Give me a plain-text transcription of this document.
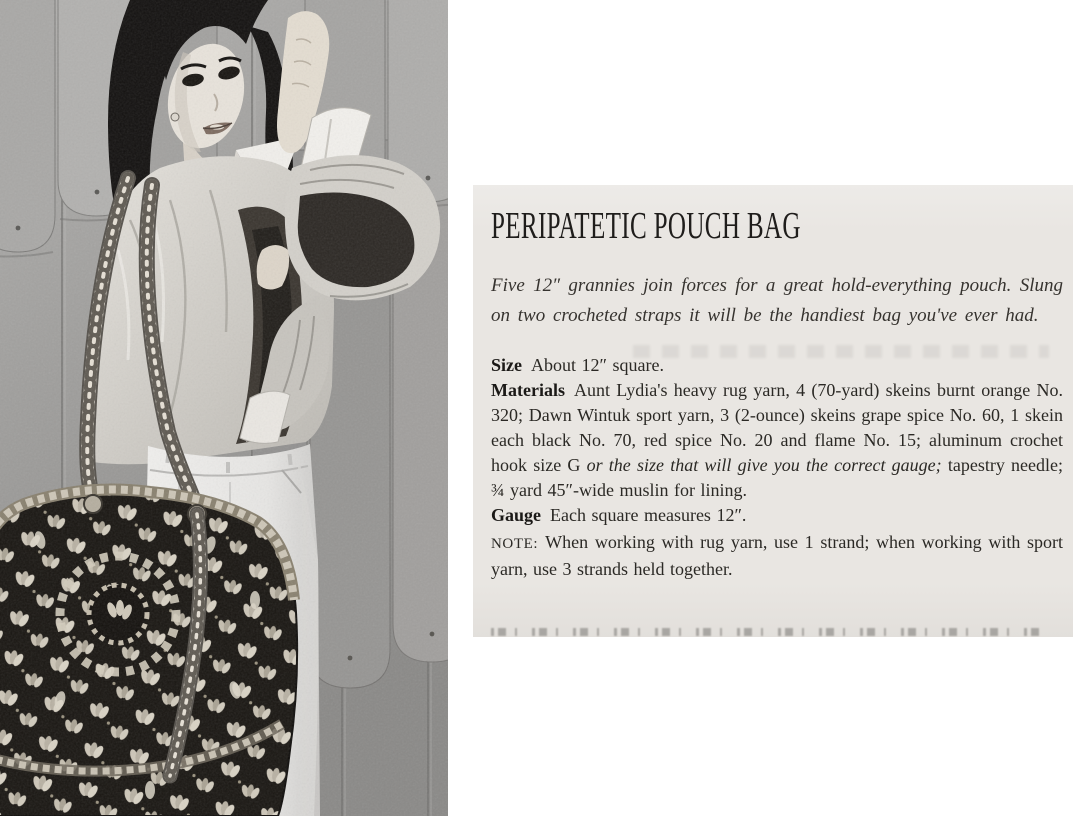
PERIPATETIC POUCH BAG

Five 12″ grannies join forces for a great hold-everything pouch. Slung on two crocheted straps it will be the handiest bag you've ever had.

Size About 12″ square.

Materials Aunt Lydia's heavy rug yarn, 4 (70-yard) skeins burnt orange No. 320; Dawn Wintuk sport yarn, 3 (2-ounce) skeins grape spice No. 60, 1 skein each black No. 70, red spice No. 20 and flame No. 15; aluminum crochet hook size G or the size that will give you the correct gauge; tapestry needle; ¾ yard 45″-wide muslin for lining.

Gauge Each square measures 12″.

NOTE: When working with rug yarn, use 1 strand; when working with sport yarn, use 3 strands held together.
